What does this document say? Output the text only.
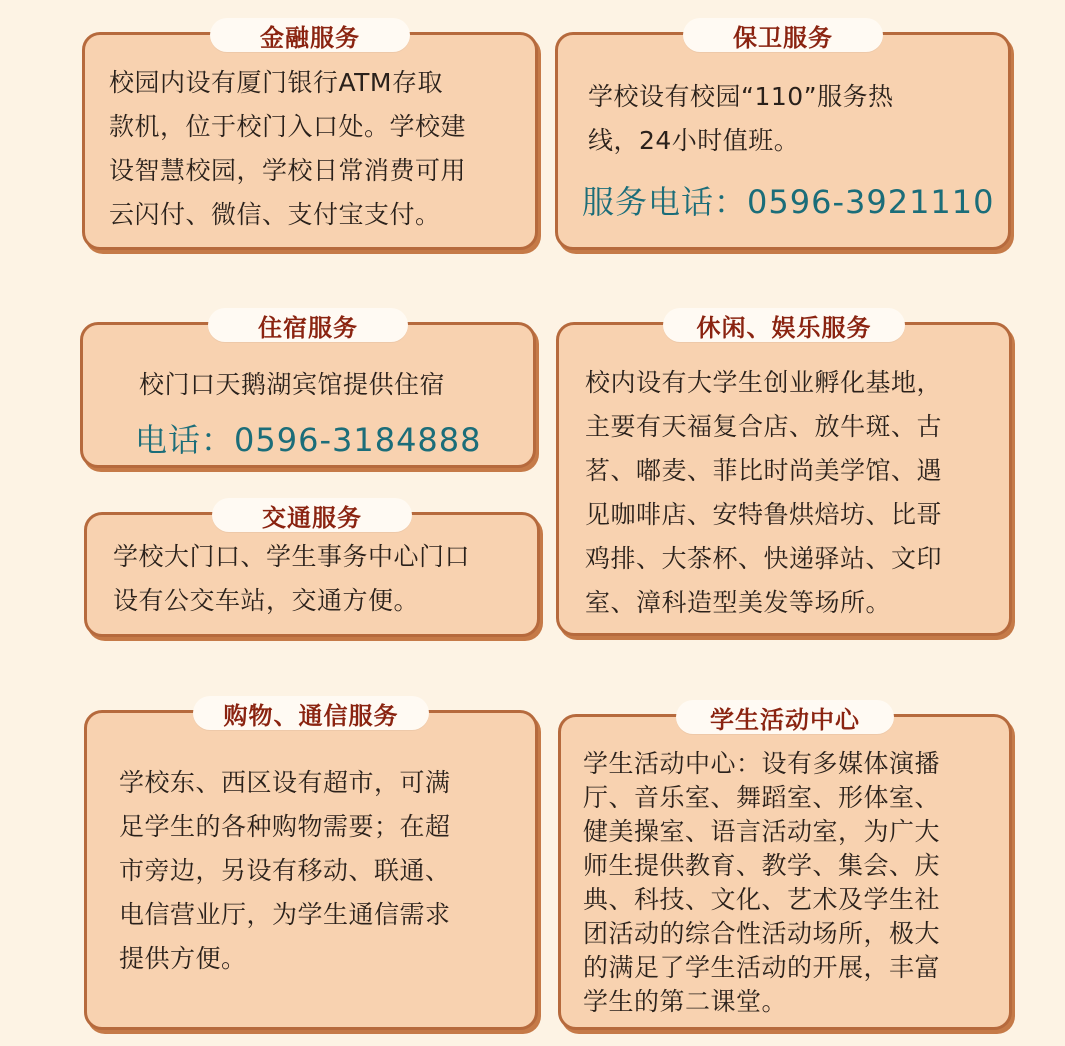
金融服务
校园内设有厦门银行ATM存取
款机，位于校门入口处。学校建
设智慧校园，学校日常消费可用
云闪付、微信、支付宝支付。
保卫服务
学校设有校园“110”服务热
线，24小时值班。
服务电话：0596-3921110
住宿服务
校门口天鹅湖宾馆提供住宿
电话：0596-3184888
交通服务
学校大门口、学生事务中心门口
设有公交车站，交通方便。
休闲、娱乐服务
校内设有大学生创业孵化基地，
主要有天福复合店、放牛斑、古
茗、嘟麦、菲比时尚美学馆、遇
见咖啡店、安特鲁烘焙坊、比哥
鸡排、大茶杯、快递驿站、文印
室、漳科造型美发等场所。
购物、通信服务
学校东、西区设有超市，可满
足学生的各种购物需要；在超
市旁边，另设有移动、联通、
电信营业厅，为学生通信需求
提供方便。
学生活动中心
学生活动中心：设有多媒体演播
厅、音乐室、舞蹈室、形体室、
健美操室、语言活动室，为广大
师生提供教育、教学、集会、庆
典、科技、文化、艺术及学生社
团活动的综合性活动场所，极大
的满足了学生活动的开展，丰富
学生的第二课堂。
